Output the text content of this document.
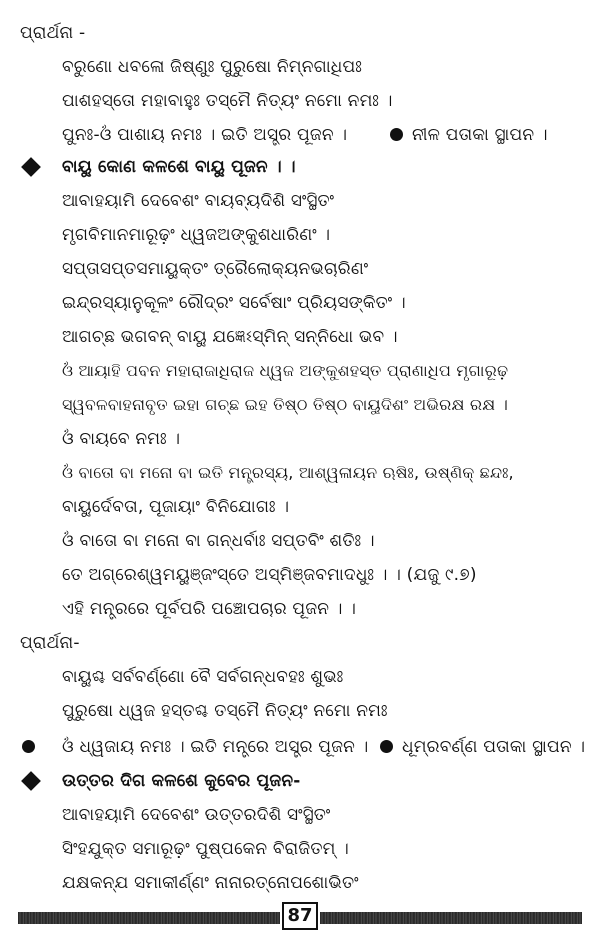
ପ୍ରାର୍ଥନା -
ବରୁଣୋ ଧବଳୋ ଜିଷ୍ଣୁଃ ପୁରୁଷୋ ନିମ୍ନଗାଧିପଃ
ପାଶହସ୍ତୋ ମହାବାହୁଃ ତସ୍ମୈ ନିତ୍ୟଂ ନମୋ ନମଃ ।
ପୁନଃ-ଓଁ ପାଶାୟ ନମଃ । ଇତି ଅସ୍ତ୍ର ପୂଜନ ।	ନୀଳ ପତାକା ସ୍ଥାପନ ।
ବାୟୁ କୋଣ କଳଶେ ବାୟୁ ପୂଜନ । ।
ଆବାହୟାମି ଦେବେଶଂ ବାୟବ୍ୟଦିଶି ସଂସ୍ଥିତଂ
ମୃଗବିମାନମାରୂଢ଼ଂ ଧ୍ୱଜଅଙ୍କୁଶଧାରିଣଂ ।
ସପ୍ତାସପ୍ତସମାୟୁକ୍ତଂ ତ୍ରୈଲୋକ୍ୟନଭଚାରିଣଂ
ଇନ୍ଦ୍ରସ୍ୟାନୁକୂଳଂ ରୌଦ୍ରଂ ସର୍ବେଷାଂ ପ୍ରିୟସଙ୍କିତଂ ।
ଆଗଚ୍ଛ ଭଗବନ୍ ବାୟୁ ଯଜ୍ଞେଽସ୍ମିନ୍ ସନ୍ନିଧୋ ଭବ ।
ଓଁ ଆୟାହି ପବନ ମହାରାଜାଧିରାଜ ଧ୍ୱଜ ଅଙ୍କୁଶହସ୍ତ ପ୍ରାଣାଧିପ ମୃଗାରୂଢ଼
ସ୍ୱବଳବାହନାବୃତ ଇହା ଗଚ୍ଛ ଇହ ତିଷ୍ଠ ତିଷ୍ଠ ବାୟୁଦିଶଂ ଅଭିରକ୍ଷ ରକ୍ଷ ।
ଓଁ ବାୟବେ ନମଃ ।
ଓଁ ବାତୋ ବା ମନୋ ବା ଇତି ମନ୍ତ୍ରସ୍ୟ, ଆଶ୍ୱଳାୟନ ଋଷିଃ, ଉଷ୍ଣିକ୍ ଛନ୍ଦଃ,
ବାୟୁର୍ଦେବତା, ପୂଜାୟାଂ ବିନିଯୋଗଃ ।
ଓଁ ବାତୋ ବା ମନୋ ବା ଗନ୍ଧର୍ବାଃ ସପ୍ତବିଂ ଶତିଃ ।
ତେ ଅଗ୍ରେଶ୍ୱମୟୁଞ୍ଜଂସ୍ତେ ଅସ୍ମିଞ୍ଜବମାଦଧୁଃ । । (ଯଜୁ ୯.୭)
ଏହି ମନ୍ତ୍ରରେ ପୂର୍ବପରି ପଞ୍ଚୋପଚାର ପୂଜନ । ।
ପ୍ରାର୍ଥନା-
ବାୟୁଶ୍ଚ ସର୍ବବର୍ଣ୍ଣୋ ବୈ ସର୍ବଗନ୍ଧବହଃ ଶୁଭଃ
ପୁରୁଷୋ ଧ୍ୱଜ ହସ୍ତଶ୍ଚ ତସ୍ମୈ ନିତ୍ୟଂ ନମୋ ନମଃ
ଓଁ ଧ୍ୱଜାୟ ନମଃ । ଇତି ମନ୍ତ୍ରେ ଅସ୍ତ୍ର ପୂଜନ । ଧୂମ୍ରବର୍ଣ୍ଣ ପତାକା ସ୍ଥାପନ ।
ଉତ୍ତର ଦିଗ କଳଶେ କୁବେର ପୂଜନ-
ଆବାହୟାମି ଦେବେଶଂ ଉତ୍ତରଦିଶି ସଂସ୍ଥିତଂ
ସିଂହଯୁକ୍ତ ସମାରୂଢ଼ଂ ପୁଷ୍ପକେନ ବିରାଜିତମ୍ ।
ଯକ୍ଷକନ୍ଯ ସମାକୀର୍ଣ୍ଣଂ ନାନାରତ୍ନୋପଶୋଭିତଂ
87
